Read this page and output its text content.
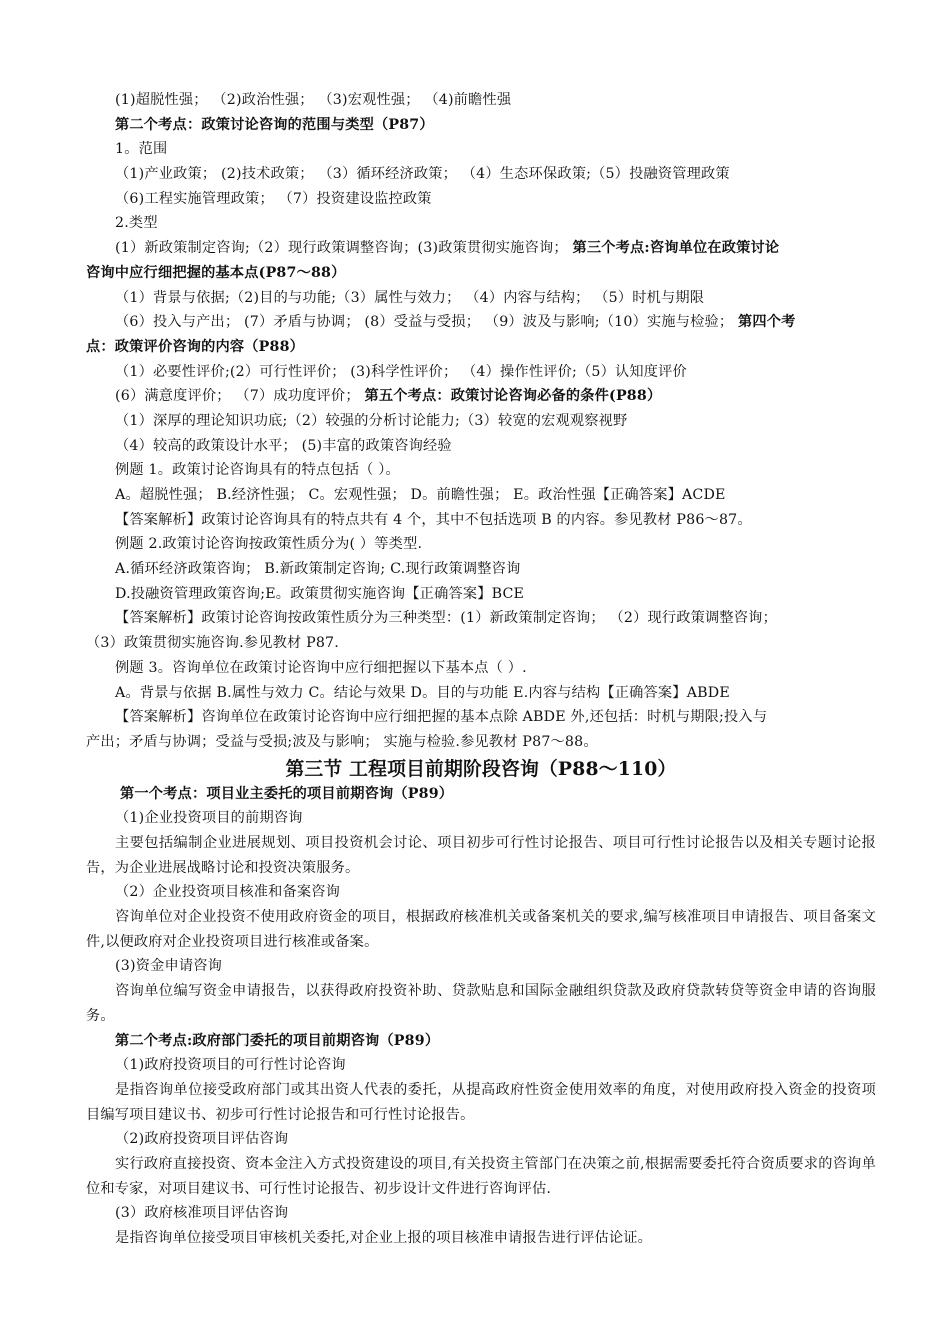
(1)超脱性强； （2)政治性强； （3)宏观性强； （4)前瞻性强
第二个考点：政策讨论咨询的范围与类型（P87）
1。范围
（1)产业政策； (2)技术政策； （3）循环经济政策； （4）生态环保政策;（5）投融资管理政策
（6)工程实施管理政策； （7）投资建设监控政策
2.类型
(1）新政策制定咨询;（2）现行政策调整咨询；(3)政策贯彻实施咨询； 第三个考点:咨询单位在政策讨论
咨询中应行细把握的基本点(P87～88）
（1）背景与依据;（2)目的与功能;（3）属性与效力； （4）内容与结构； （5）时机与期限
（6）投入与产出； (7）矛盾与协调； (8）受益与受损； （9）波及与影响;（10）实施与检验； 第四个考
点：政策评价咨询的内容（P88）
（1）必要性评价;(2）可行性评价； (3)科学性评价； （4）操作性评价;（5）认知度评价
(6）满意度评价； （7）成功度评价； 第五个考点：政策讨论咨询必备的条件(P88）
（1）深厚的理论知识功底;（2）较强的分析讨论能力;（3）较宽的宏观观察视野
（4）较高的政策设计水平； (5)丰富的政策咨询经验
例题 1。政策讨论咨询具有的特点包括（ ）。
A。超脱性强； B.经济性强； C。宏观性强； D。前瞻性强； E。政治性强【正确答案】ACDE
【答案解析】政策讨论咨询具有的特点共有 4 个，其中不包括选项 B 的内容。参见教材 P86～87。
例题 2.政策讨论咨询按政策性质分为( ）等类型.
A.循环经济政策咨询； B.新政策制定咨询; C.现行政策调整咨询
D.投融资管理政策咨询;E。政策贯彻实施咨询【正确答案】BCE
【答案解析】政策讨论咨询按政策性质分为三种类型：(1）新政策制定咨询； （2）现行政策调整咨询；
（3）政策贯彻实施咨询.参见教材 P87.
例题 3。咨询单位在政策讨论咨询中应行细把握以下基本点（ ）.
A。背景与依据 B.属性与效力 C。结论与效果 D。目的与功能 E.内容与结构【正确答案】ABDE
【答案解析】咨询单位在政策讨论咨询中应行细把握的基本点除 ABDE 外,还包括：时机与期限;投入与
产出；矛盾与协调；受益与受损;波及与影响； 实施与检验.参见教材 P87～88。
第三节 工程项目前期阶段咨询（P88～110）
第一个考点：项目业主委托的项目前期咨询（P89）
（1)企业投资项目的前期咨询
主要包括编制企业进展规划、项目投资机会讨论、项目初步可行性讨论报告、项目可行性讨论报告以及相关专题讨论报告，为企业进展战略讨论和投资决策服务。
（2）企业投资项目核准和备案咨询
咨询单位对企业投资不使用政府资金的项目，根据政府核准机关或备案机关的要求,编写核准项目申请报告、项目备案文件,以便政府对企业投资项目进行核准或备案。
(3)资金申请咨询
咨询单位编写资金申请报告，以获得政府投资补助、贷款贴息和国际金融组织贷款及政府贷款转贷等资金申请的咨询服务。
第二个考点:政府部门委托的项目前期咨询（P89）
（1)政府投资项目的可行性讨论咨询
是指咨询单位接受政府部门或其出资人代表的委托，从提高政府性资金使用效率的角度，对使用政府投入资金的投资项目编写项目建议书、初步可行性讨论报告和可行性讨论报告。
（2)政府投资项目评估咨询
实行政府直接投资、资本金注入方式投资建设的项目,有关投资主管部门在决策之前,根据需要委托符合资质要求的咨询单位和专家，对项目建议书、可行性讨论报告、初步设计文件进行咨询评估.
(3）政府核准项目评估咨询
是指咨询单位接受项目审核机关委托,对企业上报的项目核准申请报告进行评估论证。
